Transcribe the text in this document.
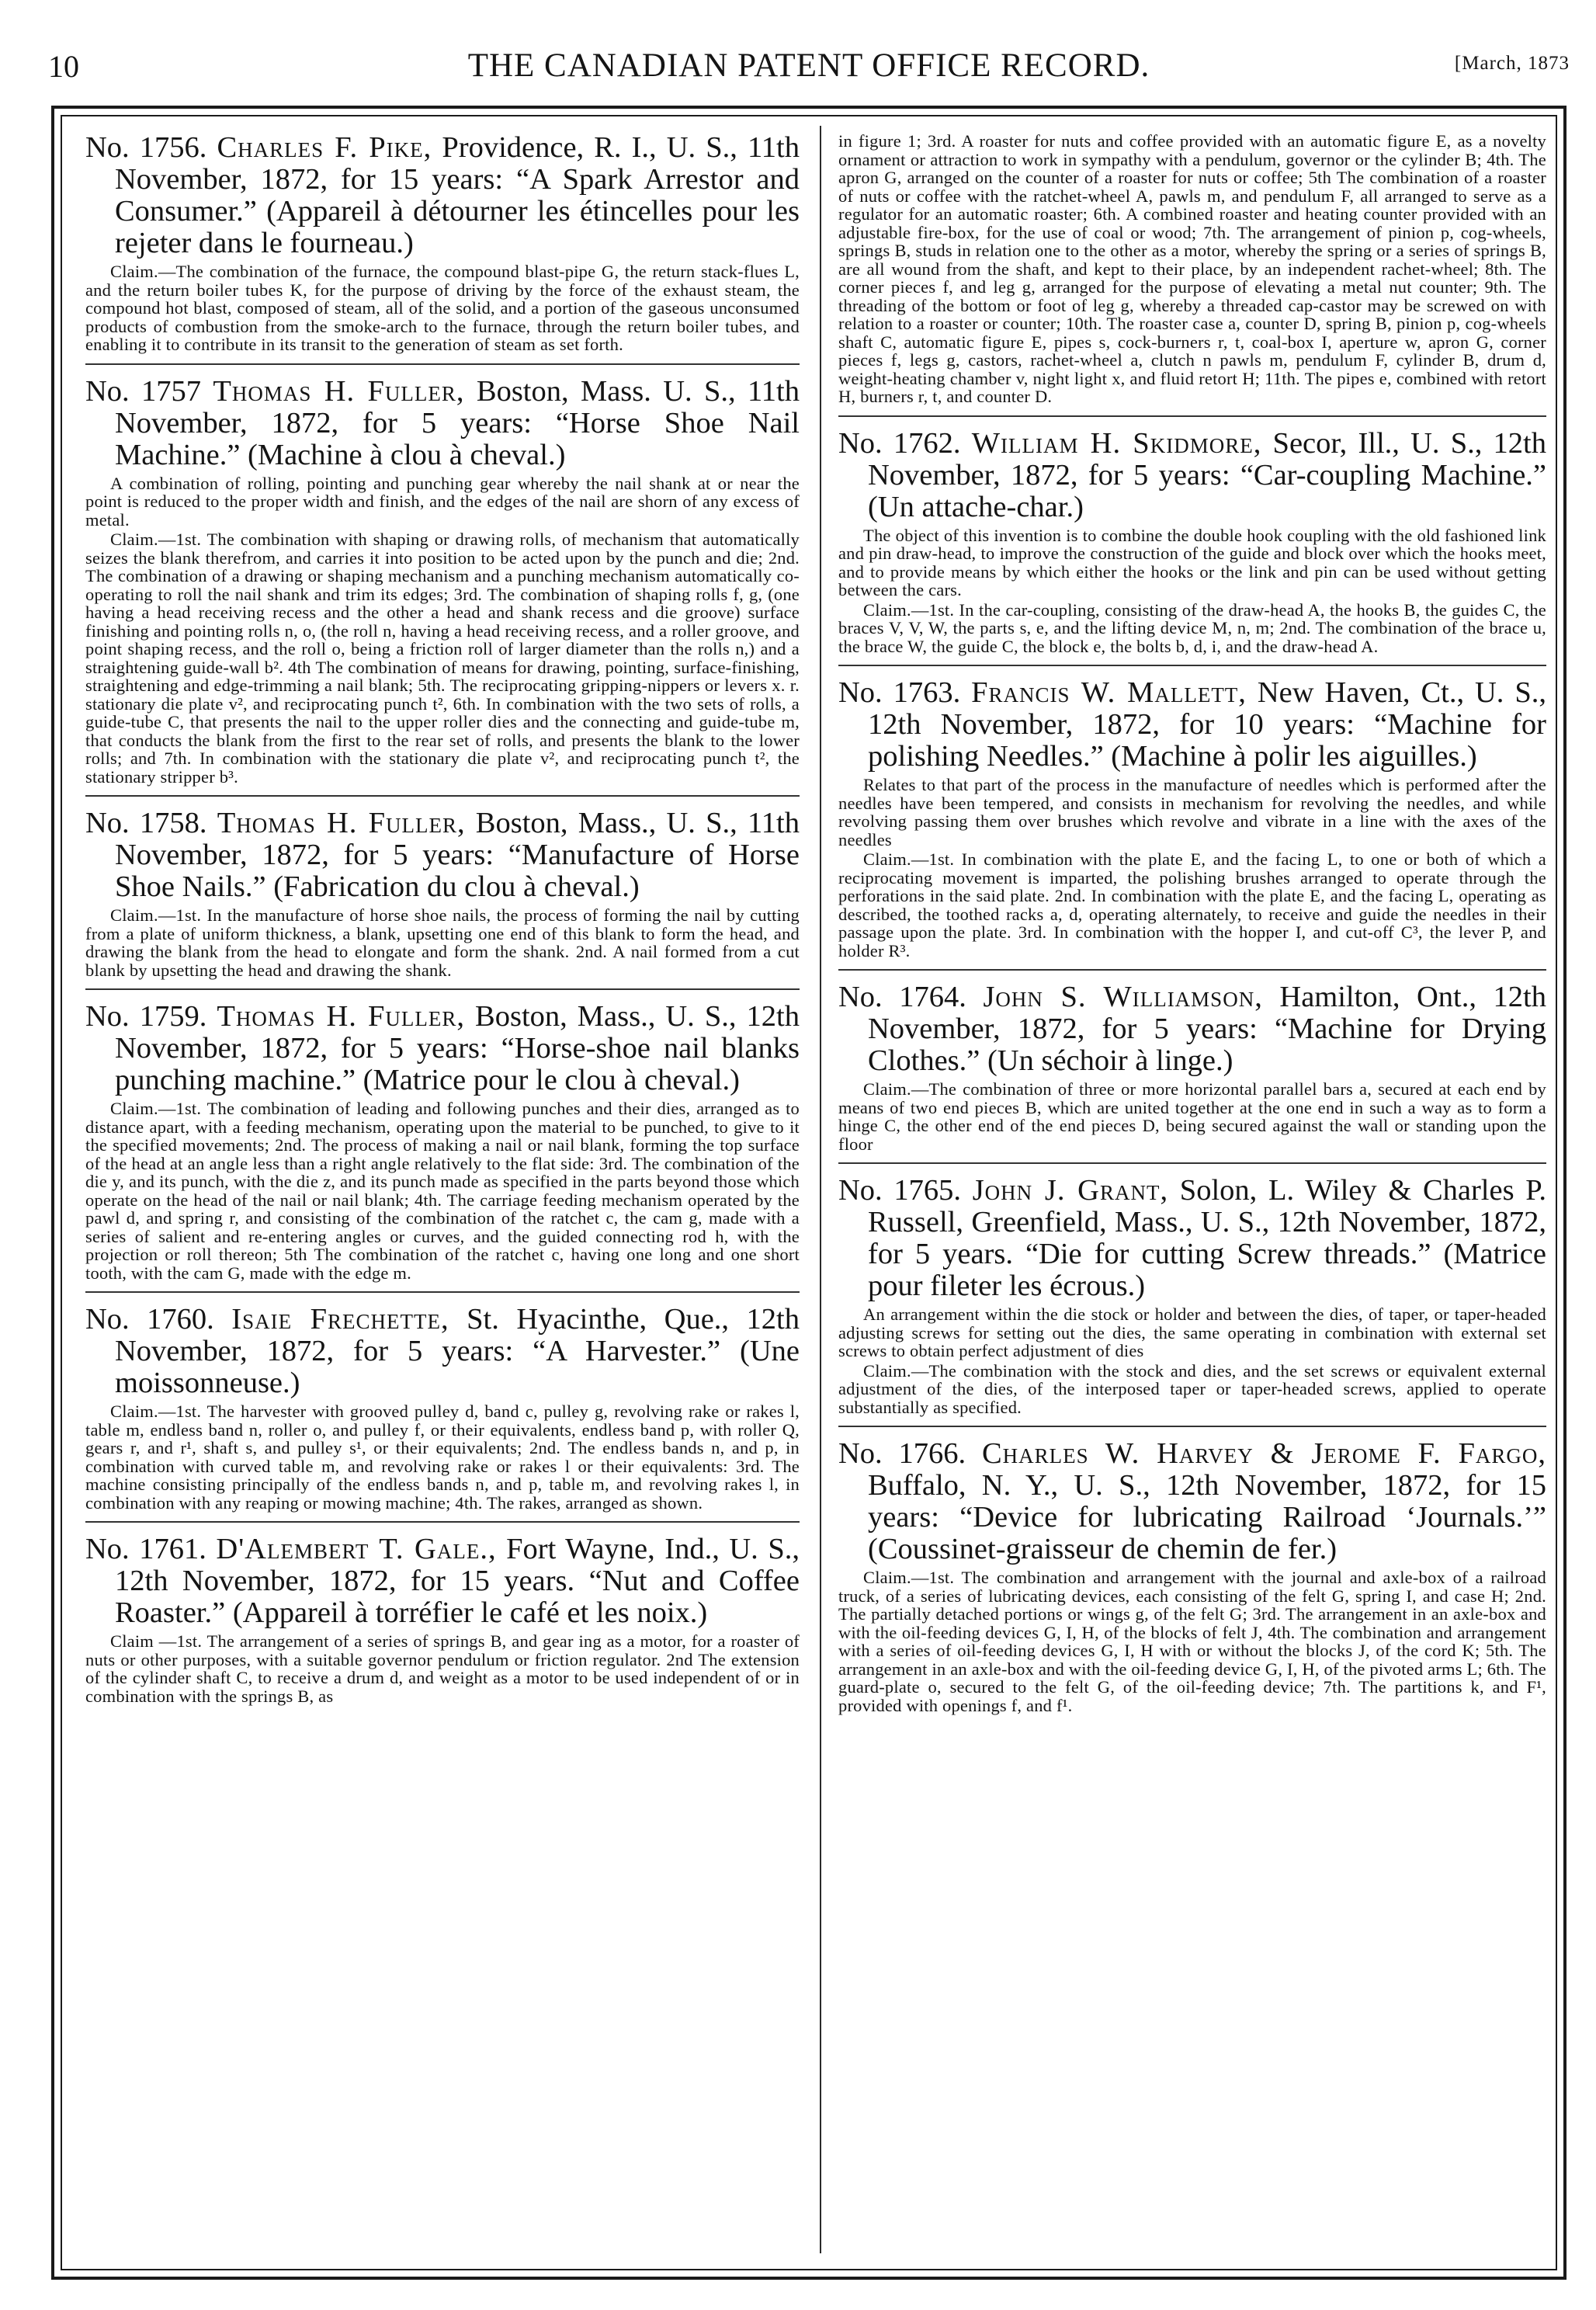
10	THE CANADIAN PATENT OFFICE RECORD.	[March, 1873

No. 1756. Charles F. Pike, Providence, R. I., U. S., 11th November, 1872, for 15 years: “A Spark Arrestor and Consumer.” (Appareil à détourner les étincelles pour les rejeter dans le fourneau.)

Claim.—The combination of the furnace, the compound blast-pipe G, the return stack-flues L, and the return boiler tubes K, for the purpose of driving by the force of the exhaust steam, the compound hot blast, composed of steam, all of the solid, and a portion of the gaseous unconsumed products of combustion from the smoke-arch to the furnace, through the return boiler tubes, and enabling it to contribute in its transit to the generation of steam as set forth.

No. 1757 Thomas H. Fuller, Boston, Mass. U. S., 11th November, 1872, for 5 years: “Horse Shoe Nail Machine.” (Machine à clou à cheval.)

A combination of rolling, pointing and punching gear whereby the nail shank at or near the point is reduced to the proper width and finish, and the edges of the nail are shorn of any excess of metal.

Claim.—1st. The combination with shaping or drawing rolls, of mechanism that automatically seizes the blank therefrom, and carries it into position to be acted upon by the punch and die; 2nd. The combination of a drawing or shaping mechanism and a punching mechanism automatically co-operating to roll the nail shank and trim its edges; 3rd. The combination of shaping rolls f, g, (one having a head receiving recess and the other a head and shank recess and die groove) surface finishing and pointing rolls n, o, (the roll n, having a head receiving recess, and a roller groove, and point shaping recess, and the roll o, being a friction roll of larger diameter than the rolls n,) and a straightening guide-wall b². 4th The combination of means for drawing, pointing, surface-finishing, straightening and edge-trimming a nail blank; 5th. The reciprocating gripping-nippers or levers x. r. stationary die plate v², and reciprocating punch t², 6th. In combination with the two sets of rolls, a guide-tube C, that presents the nail to the upper roller dies and the connecting and guide-tube m, that conducts the blank from the first to the rear set of rolls, and presents the blank to the lower rolls; and 7th. In combination with the stationary die plate v², and reciprocating punch t², the stationary stripper b³.

No. 1758. Thomas H. Fuller, Boston, Mass., U. S., 11th November, 1872, for 5 years: “Manufacture of Horse Shoe Nails.” (Fabrication du clou à cheval.)

Claim.—1st. In the manufacture of horse shoe nails, the process of forming the nail by cutting from a plate of uniform thickness, a blank, upsetting one end of this blank to form the head, and drawing the blank from the head to elongate and form the shank. 2nd. A nail formed from a cut blank by upsetting the head and drawing the shank.

No. 1759. Thomas H. Fuller, Boston, Mass., U. S., 12th November, 1872, for 5 years: “Horse-shoe nail blanks punching machine.” (Matrice pour le clou à cheval.)

Claim.—1st. The combination of leading and following punches and their dies, arranged as to distance apart, with a feeding mechanism, operating upon the material to be punched, to give to it the specified movements; 2nd. The process of making a nail or nail blank, forming the top surface of the head at an angle less than a right angle relatively to the flat side: 3rd. The combination of the die y, and its punch, with the die z, and its punch made as specified in the parts beyond those which operate on the head of the nail or nail blank; 4th. The carriage feeding mechanism operated by the pawl d, and spring r, and consisting of the combination of the ratchet c, the cam g, made with a series of salient and re-entering angles or curves, and the guided connecting rod h, with the projection or roll thereon; 5th The combination of the ratchet c, having one long and one short tooth, with the cam G, made with the edge m.

No. 1760. Isaie Frechette, St. Hyacinthe, Que., 12th November, 1872, for 5 years: “A Harvester.” (Une moissonneuse.)

Claim.—1st. The harvester with grooved pulley d, band c, pulley g, revolving rake or rakes l, table m, endless band n, roller o, and pulley f, or their equivalents, endless band p, with roller Q, gears r, and r¹, shaft s, and pulley s¹, or their equivalents; 2nd. The endless bands n, and p, in combination with curved table m, and revolving rake or rakes l or their equivalents: 3rd. The machine consisting principally of the endless bands n, and p, table m, and revolving rakes l, in combination with any reaping or mowing machine; 4th. The rakes, arranged as shown.

No. 1761. D'Alembert T. Gale., Fort Wayne, Ind., U. S., 12th November, 1872, for 15 years. “Nut and Coffee Roaster.” (Appareil à torréfier le café et les noix.)

Claim —1st. The arrangement of a series of springs B, and gear ing as a motor, for a roaster of nuts or other purposes, with a suitable governor pendulum or friction regulator. 2nd The extension of the cylinder shaft C, to receive a drum d, and weight as a motor to be used independent of or in combination with the springs B, as

in figure 1; 3rd. A roaster for nuts and coffee provided with an automatic figure E, as a novelty ornament or attraction to work in sympathy with a pendulum, governor or the cylinder B; 4th. The apron G, arranged on the counter of a roaster for nuts or coffee; 5th The combination of a roaster of nuts or coffee with the ratchet-wheel A, pawls m, and pendulum F, all arranged to serve as a regulator for an automatic roaster; 6th. A combined roaster and heating counter provided with an adjustable fire-box, for the use of coal or wood; 7th. The arrangement of pinion p, cog-wheels, springs B, studs in relation one to the other as a motor, whereby the spring or a series of springs B, are all wound from the shaft, and kept to their place, by an independent rachet-wheel; 8th. The corner pieces f, and leg g, arranged for the purpose of elevating a metal nut counter; 9th. The threading of the bottom or foot of leg g, whereby a threaded cap-castor may be screwed on with relation to a roaster or counter; 10th. The roaster case a, counter D, spring B, pinion p, cog-wheels shaft C, automatic figure E, pipes s, cock-burners r, t, coal-box I, aperture w, apron G, corner pieces f, legs g, castors, rachet-wheel a, clutch n pawls m, pendulum F, cylinder B, drum d, weight-heating chamber v, night light x, and fluid retort H; 11th. The pipes e, combined with retort H, burners r, t, and counter D.

No. 1762. William H. Skidmore, Secor, Ill., U. S., 12th November, 1872, for 5 years: “Car-coupling Machine.” (Un attache-char.)

The object of this invention is to combine the double hook coupling with the old fashioned link and pin draw-head, to improve the construction of the guide and block over which the hooks meet, and to provide means by which either the hooks or the link and pin can be used without getting between the cars.

Claim.—1st. In the car-coupling, consisting of the draw-head A, the hooks B, the guides C, the braces V, V, W, the parts s, e, and the lifting device M, n, m; 2nd. The combination of the brace u, the brace W, the guide C, the block e, the bolts b, d, i, and the draw-head A.

No. 1763. Francis W. Mallett, New Haven, Ct., U. S., 12th November, 1872, for 10 years: “Machine for polishing Needles.” (Machine à polir les aiguilles.)

Relates to that part of the process in the manufacture of needles which is performed after the needles have been tempered, and consists in mechanism for revolving the needles, and while revolving passing them over brushes which revolve and vibrate in a line with the axes of the needles

Claim.—1st. In combination with the plate E, and the facing L, to one or both of which a reciprocating movement is imparted, the polishing brushes arranged to operate through the perforations in the said plate. 2nd. In combination with the plate E, and the facing L, operating as described, the toothed racks a, d, operating alternately, to receive and guide the needles in their passage upon the plate. 3rd. In combination with the hopper I, and cut-off C³, the lever P, and holder R³.

No. 1764. John S. Williamson, Hamilton, Ont., 12th November, 1872, for 5 years: “Machine for Drying Clothes.” (Un séchoir à linge.)

Claim.—The combination of three or more horizontal parallel bars a, secured at each end by means of two end pieces B, which are united together at the one end in such a way as to form a hinge C, the other end of the end pieces D, being secured against the wall or standing upon the floor

No. 1765. John J. Grant, Solon, L. Wiley & Charles P. Russell, Greenfield, Mass., U. S., 12th November, 1872, for 5 years. “Die for cutting Screw threads.” (Matrice pour fileter les écrous.)

An arrangement within the die stock or holder and between the dies, of taper, or taper-headed adjusting screws for setting out the dies, the same operating in combination with external set screws to obtain perfect adjustment of dies

Claim.—The combination with the stock and dies, and the set screws or equivalent external adjustment of the dies, of the interposed taper or taper-headed screws, applied to operate substantially as specified.

No. 1766. Charles W. Harvey & Jerome F. Fargo, Buffalo, N. Y., U. S., 12th November, 1872, for 15 years: “Device for lubricating Railroad ‘Journals.’” (Coussinet-graisseur de chemin de fer.)

Claim.—1st. The combination and arrangement with the journal and axle-box of a railroad truck, of a series of lubricating devices, each consisting of the felt G, spring I, and case H; 2nd. The partially detached portions or wings g, of the felt G; 3rd. The arrangement in an axle-box and with the oil-feeding devices G, I, H, of the blocks of felt J, 4th. The combination and arrangement with a series of oil-feeding devices G, I, H with or without the blocks J, of the cord K; 5th. The arrangement in an axle-box and with the oil-feeding device G, I, H, of the pivoted arms L; 6th. The guard-plate o, secured to the felt G, of the oil-feeding device; 7th. The partitions k, and F¹, provided with openings f, and f¹.
